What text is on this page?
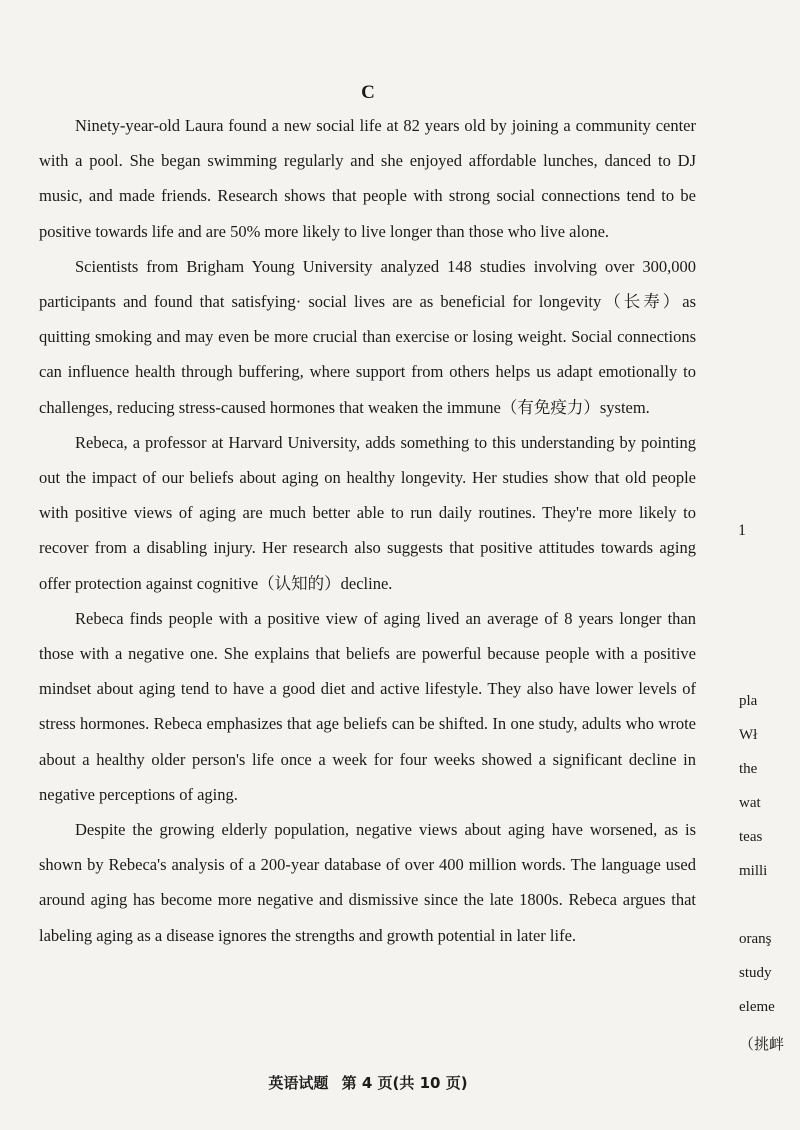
C

Ninety-year-old Laura found a new social life at 82 years old by joining a community center with a pool. She began swimming regularly and she enjoyed affordable lunches, danced to DJ music, and made friends. Research shows that people with strong social connections tend to be positive towards life and are 50% more likely to live longer than those who live alone.

Scientists from Brigham Young University analyzed 148 studies involving over 300,000 participants and found that satisfying· social lives are as beneficial for longevity（长寿）as quitting smoking and may even be more crucial than exercise or losing weight. Social connections can influence health through buffering, where support from others helps us adapt emotionally to challenges, reducing stress-caused hormones that weaken the immune（有免疫力）system.

Rebeca, a professor at Harvard University, adds something to this understanding by pointing out the impact of our beliefs about aging on healthy longevity. Her studies show that old people with positive views of aging are much better able to run daily routines. They're more likely to recover from a disabling injury. Her research also suggests that positive attitudes towards aging offer protection against cognitive（认知的）decline.

Rebeca finds people with a positive view of aging lived an average of 8 years longer than those with a negative one. She explains that beliefs are powerful because people with a positive mindset about aging tend to have a good diet and active lifestyle. They also have lower levels of stress hormones. Rebeca emphasizes that age beliefs can be shifted. In one study, adults who wrote about a healthy older person's life once a week for four weeks showed a significant decline in negative perceptions of aging.

Despite the growing elderly population, negative views about aging have worsened, as is shown by Rebeca's analysis of a 200-year database of over 400 million words. The language used around aging has become more negative and dismissive since the late 1800s. Rebeca argues that labeling aging as a disease ignores the strengths and growth potential in later life.

1
pla
Wł
the
wat
teas
milli
oranş
study
eleme
（挑衅
英语试题 第 4 页(共 10 页)
